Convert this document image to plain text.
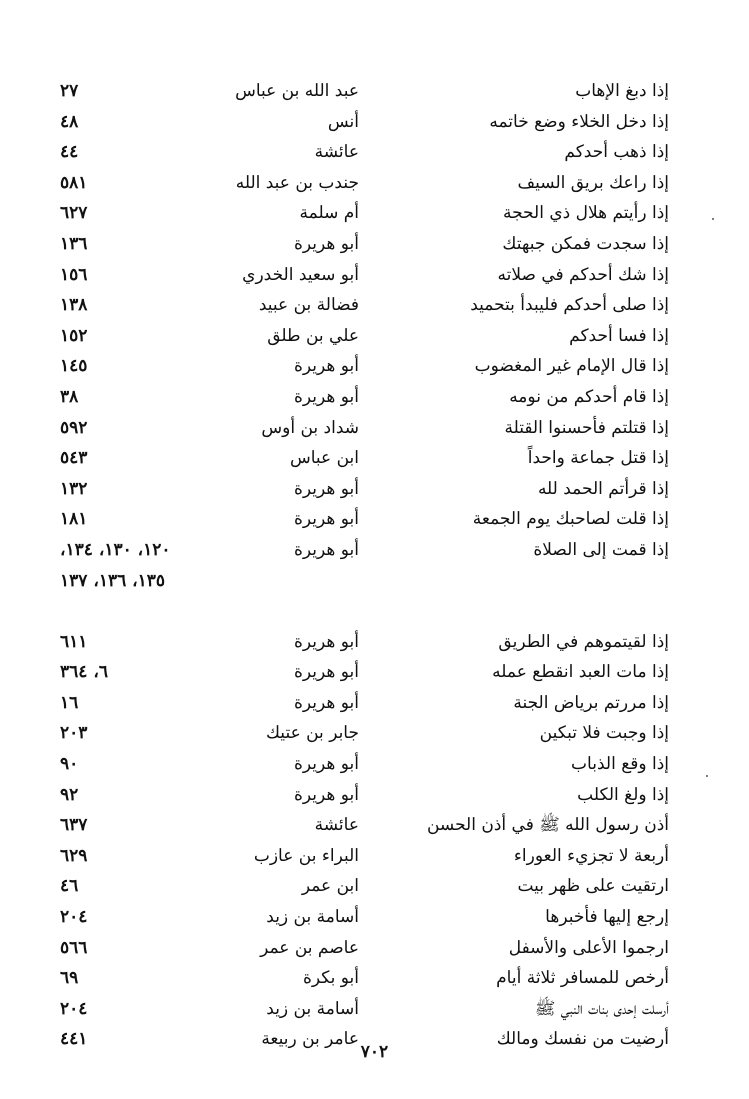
إذا دبغ الإهاب
عبد الله بن عباس
٢٧
إذا دخل الخلاء وضع خاتمه
أنس
٤٨
إذا ذهب أحدكم
عائشة
٤٤
إذا راعك بريق السيف
جندب بن عبد الله
٥٨١
إذا رأيتم هلال ذي الحجة
أم سلمة
٦٢٧
إذا سجدت فمكن جبهتك
أبو هريرة
١٣٦
إذا شك أحدكم في صلاته
أبو سعيد الخدري
١٥٦
إذا صلى أحدكم فليبدأ بتحميد
فضالة بن عبيد
١٣٨
إذا فسا أحدكم
علي بن طلق
١٥٢
إذا قال الإمام غير المغضوب
أبو هريرة
١٤٥
إذا قام أحدكم من نومه
أبو هريرة
٣٨
إذا قتلتم فأحسنوا القتلة
شداد بن أوس
٥٩٢
إذا قتل جماعة واحداً
ابن عباس
٥٤٣
إذا قرأتم الحمد لله
أبو هريرة
١٣٢
إذا قلت لصاحبك يوم الجمعة
أبو هريرة
١٨١
إذا قمت إلى الصلاة
أبو هريرة
١٢٠، ١٣٠، ١٣٤،
١٣٥، ١٣٦، ١٣٧
إذا لقيتموهم في الطريق
أبو هريرة
٦١١
إذا مات العبد انقطع عمله
أبو هريرة
٦، ٣٦٤
إذا مررتم برياض الجنة
أبو هريرة
١٦
إذا وجبت فلا تبكين
جابر بن عتيك
٢٠٣
إذا وقع الذباب
أبو هريرة
٩٠
إذا ولغ الكلب
أبو هريرة
٩٢
أذن رسول الله ﷺ في أذن الحسن
عائشة
٦٣٧
أربعة لا تجزيء العوراء
البراء بن عازب
٦٢٩
ارتقيت على ظهر بيت
ابن عمر
٤٦
إرجع إليها فأخبرها
أسامة بن زيد
٢٠٤
ارجموا الأعلى والأسفل
عاصم بن عمر
٥٦٦
أرخص للمسافر ثلاثة أيام
أبو بكرة
٦٩
أرسلت إحدى بنات النبي ﷺ
أسامة بن زيد
٢٠٤
أرضيت من نفسك ومالك
عامر بن ربيعة
٤٤١
٧٠٢
